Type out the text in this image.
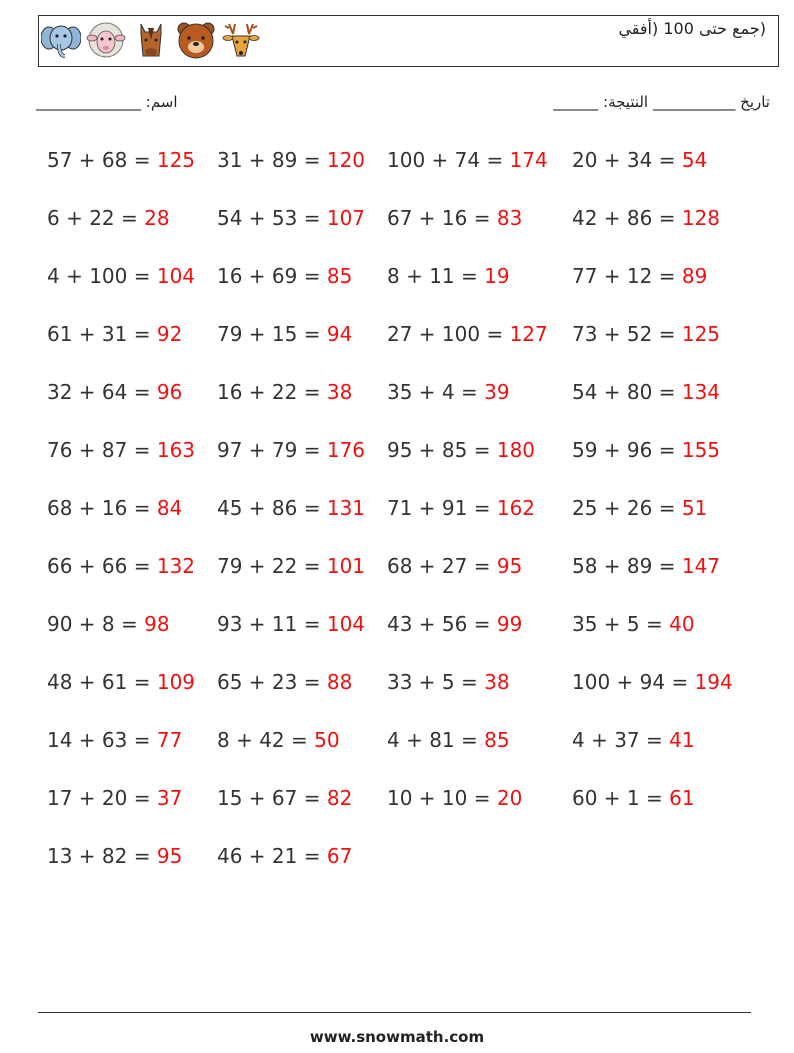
(جمع حتى 100 (أفقي
______________ :اسم	______ :تاريخ ___________ النتيجة
57 + 68 = 125 31 + 89 = 120 100 + 74 = 174 20 + 34 = 54
6 + 22 = 28 54 + 53 = 107 67 + 16 = 83 42 + 86 = 128
4 + 100 = 104 16 + 69 = 85 8 + 11 = 19	77 + 12 = 89
61 + 31 = 92 79 + 15 = 94 27 + 100 = 127 73 + 52 = 125
32 + 64 = 96 16 + 22 = 38 35 + 4 = 39	54 + 80 = 134
76 + 87 = 163 97 + 79 = 176 95 + 85 = 180 59 + 96 = 155
68 + 16 = 84 45 + 86 = 131 71 + 91 = 162 25 + 26 = 51
66 + 66 = 132 79 + 22 = 101 68 + 27 = 95 58 + 89 = 147
90 + 8 = 98 93 + 11 = 104 43 + 56 = 99 35 + 5 = 40
48 + 61 = 109 65 + 23 = 88 33 + 5 = 38	100 + 94 = 194
14 + 63 = 77 8 + 42 = 50 4 + 81 = 85	4 + 37 = 41
17 + 20 = 37 15 + 67 = 82 10 + 10 = 20 60 + 1 = 61
13 + 82 = 95 46 + 21 = 67
www.snowmath.com
